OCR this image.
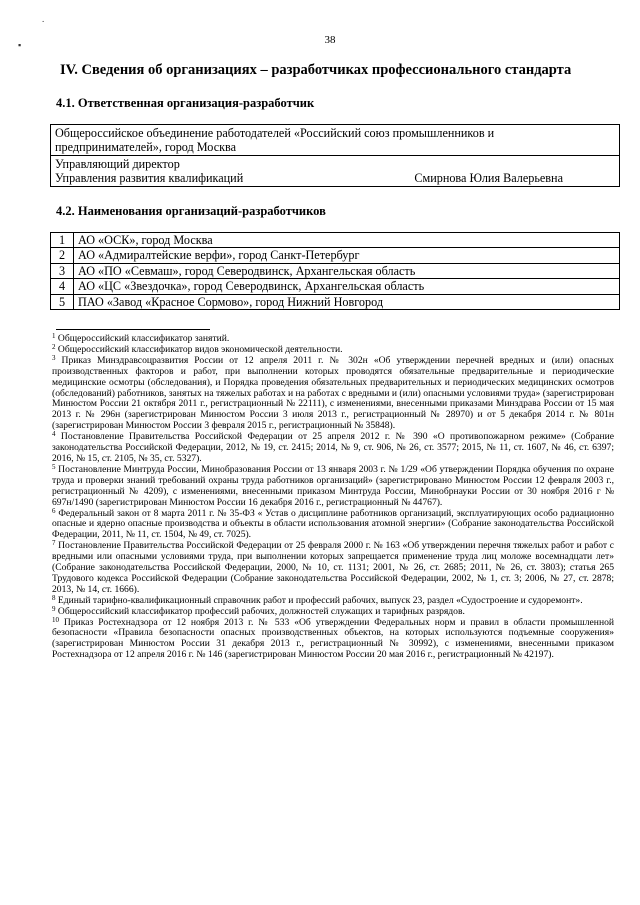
.
▪	38
IV. Сведения об организациях – разработчиках профессионального стандарта
4.1. Ответственная организация-разработчик
Общероссийское объединение работодателей «Российский союз промышленников и
предпринимателей», город Москва

Управляющий директор
Управления развития квалификаций	Смирнова Юлия Валерьевна
4.2. Наименования организаций-разработчиков
1	АО «ОСК», город Москва
2	АО «Адмиралтейские верфи», город Санкт-Петербург
3	АО «ПО «Севмаш», город Северодвинск, Архангельская область
4	АО «ЦС «Звездочка», город Северодвинск, Архангельская область
5	ПАО «Завод «Красное Сормово», город Нижний Новгород

$^1$ Общероссийский классификатор занятий.

$^2$ Общероссийский классификатор видов экономической деятельности.

$^3$ Приказ Минздравсоцразвития России от 12 апреля 2011 г. № 302н «Об утверждении перечней вредных и (или) опасных производственных факторов и работ, при выполнении которых проводятся обязательные предварительные и периодические медицинские осмотры (обследования), и Порядка проведения обязательных предварительных и периодических медицинских осмотров (обследований) работников, занятых на тяжелых работах и на работах с вредными и (или) опасными условиями труда» (зарегистрирован Минюстом России 21 октября 2011 г., регистрационный № 22111), с изменениями, внесенными приказами Минздрава России от 15 мая 2013 г. № 296н (зарегистрирован Минюстом России 3 июля 2013 г., регистрационный № 28970) и от 5 декабря 2014 г. № 801н (зарегистрирован Минюстом России 3 февраля 2015 г., регистрационный № 35848).

$^4$ Постановление Правительства Российской Федерации от 25 апреля 2012 г. № 390 «О противопожарном режиме» (Собрание законодательства Российской Федерации, 2012, № 19, ст. 2415; 2014, № 9, ст. 906, № 26, ст. 3577; 2015, № 11, ст. 1607, № 46, ст. 6397; 2016, № 15, ст. 2105, № 35, ст. 5327).

$^5$ Постановление Минтруда России, Минобразования России от 13 января 2003 г. № 1/29 «Об утверждении Порядка обучения по охране труда и проверки знаний требований охраны труда работников организаций» (зарегистрировано Минюстом России 12 февраля 2003 г., регистрационный № 4209), с изменениями, внесенными приказом Минтруда России, Минобрнауки России от 30 ноября 2016 г № 697н/1490 (зарегистрирован Минюстом России 16 декабря 2016 г., регистрационный № 44767).

$^6$ Федеральный закон от 8 марта 2011 г. № 35-ФЗ « Устав о дисциплине работников организаций, эксплуатирующих особо радиационно опасные и ядерно опасные производства и объекты в области использования атомной энергии» (Собрание законодательства Российской Федерации, 2011, № 11, ст. 1504, № 49, ст. 7025).

$^7$ Постановление Правительства Российской Федерации от 25 февраля 2000 г. № 163 «Об утверждении перечня тяжелых работ и работ с вредными или опасными условиями труда, при выполнении которых запрещается применение труда лиц моложе восемнадцати лет» (Собрание законодательства Российской Федерации, 2000, № 10, ст. 1131; 2001, № 26, ст. 2685; 2011, № 26, ст. 3803); статья 265 Трудового кодекса Российской Федерации (Собрание законодательства Российской Федерации, 2002, № 1, ст. 3; 2006, № 27, ст. 2878; 2013, № 14, ст. 1666).

$^8$ Единый тарифно-квалификационный справочник работ и профессий рабочих, выпуск 23, раздел «Судостроение и судоремонт».

$^9$ Общероссийский классификатор профессий рабочих, должностей служащих и тарифных разрядов.

$^{10}$ Приказ Ростехнадзора от 12 ноября 2013 г. № 533 «Об утверждении Федеральных норм и правил в области промышленной безопасности «Правила безопасности опасных производственных объектов, на которых используются подъемные сооружения» (зарегистрирован Минюстом России 31 декабря 2013 г., регистрационный № 30992), с изменениями, внесенными приказом Ростехнадзора от 12 апреля 2016 г. № 146 (зарегистрирован Минюстом России 20 мая 2016 г., регистрационный № 42197).
